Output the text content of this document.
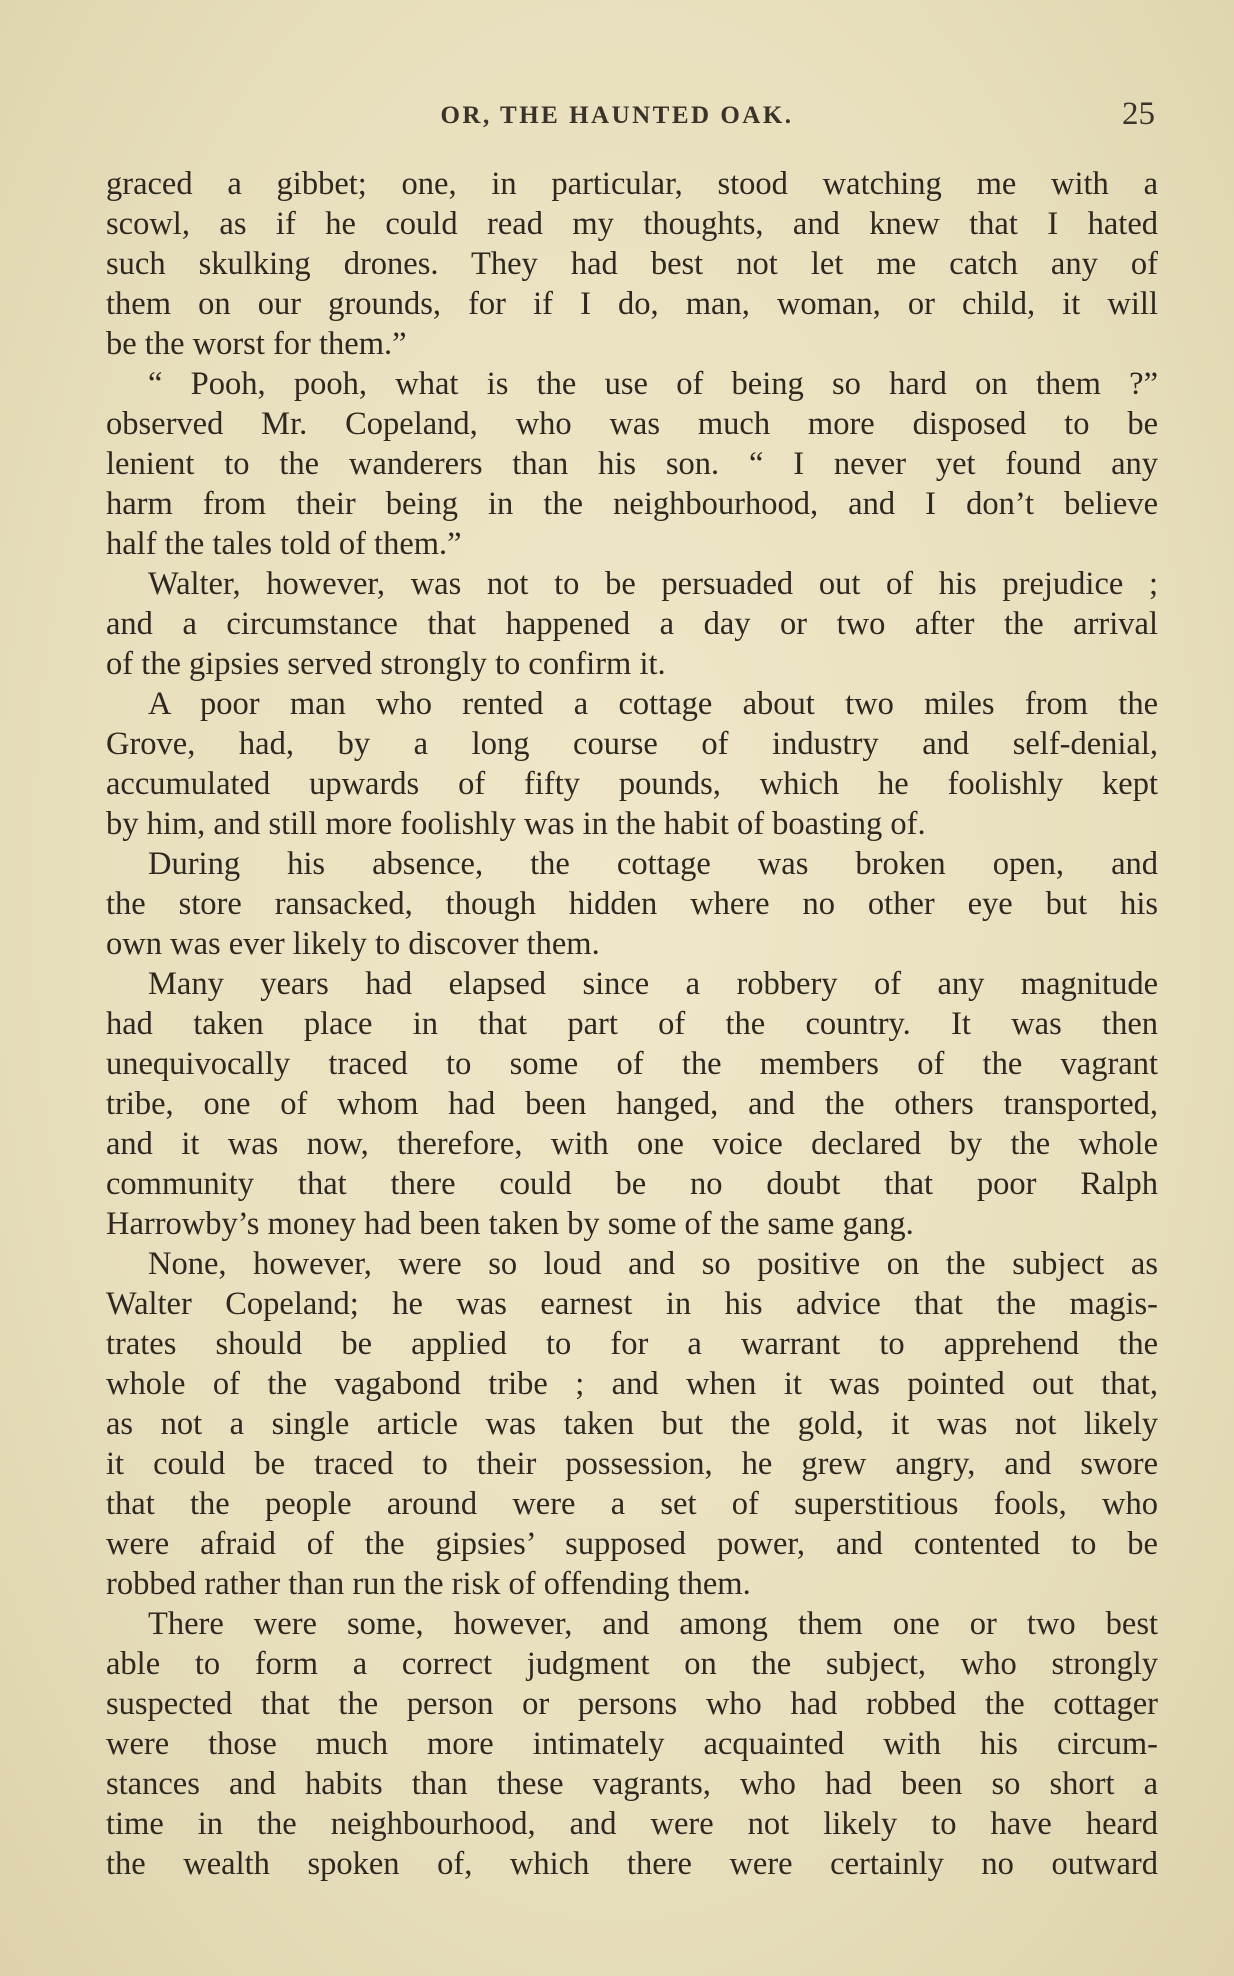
OR, THE HAUNTED OAK.	25
graced a gibbet; one, in particular, stood watching me with a
scowl, as if he could read my thoughts, and knew that I hated
such skulking drones. They had best not let me catch any of
them on our grounds, for if I do, man, woman, or child, it will
be the worst for them.”
“ Pooh, pooh, what is the use of being so hard on them ?”
observed Mr. Copeland, who was much more disposed to be
lenient to the wanderers than his son. “ I never yet found any
harm from their being in the neighbourhood, and I don’t believe
half the tales told of them.”
Walter, however, was not to be persuaded out of his prejudice ;
and a circumstance that happened a day or two after the arrival
of the gipsies served strongly to confirm it.
A poor man who rented a cottage about two miles from the
Grove, had, by a long course of industry and self-denial,
accumulated upwards of fifty pounds, which he foolishly kept
by him, and still more foolishly was in the habit of boasting of.
During his absence, the cottage was broken open, and
the store ransacked, though hidden where no other eye but his
own was ever likely to discover them.
Many years had elapsed since a robbery of any magnitude
had taken place in that part of the country. It was then
unequivocally traced to some of the members of the vagrant
tribe, one of whom had been hanged, and the others transported,
and it was now, therefore, with one voice declared by the whole
community that there could be no doubt that poor Ralph
Harrowby’s money had been taken by some of the same gang.
None, however, were so loud and so positive on the subject as
Walter Copeland; he was earnest in his advice that the magis-
trates should be applied to for a warrant to apprehend the
whole of the vagabond tribe ; and when it was pointed out that,
as not a single article was taken but the gold, it was not likely
it could be traced to their possession, he grew angry, and swore
that the people around were a set of superstitious fools, who
were afraid of the gipsies’ supposed power, and contented to be
robbed rather than run the risk of offending them.
There were some, however, and among them one or two best
able to form a correct judgment on the subject, who strongly
suspected that the person or persons who had robbed the cottager
were those much more intimately acquainted with his circum-
stances and habits than these vagrants, who had been so short a
time in the neighbourhood, and were not likely to have heard
the wealth spoken of, which there were certainly no outward
